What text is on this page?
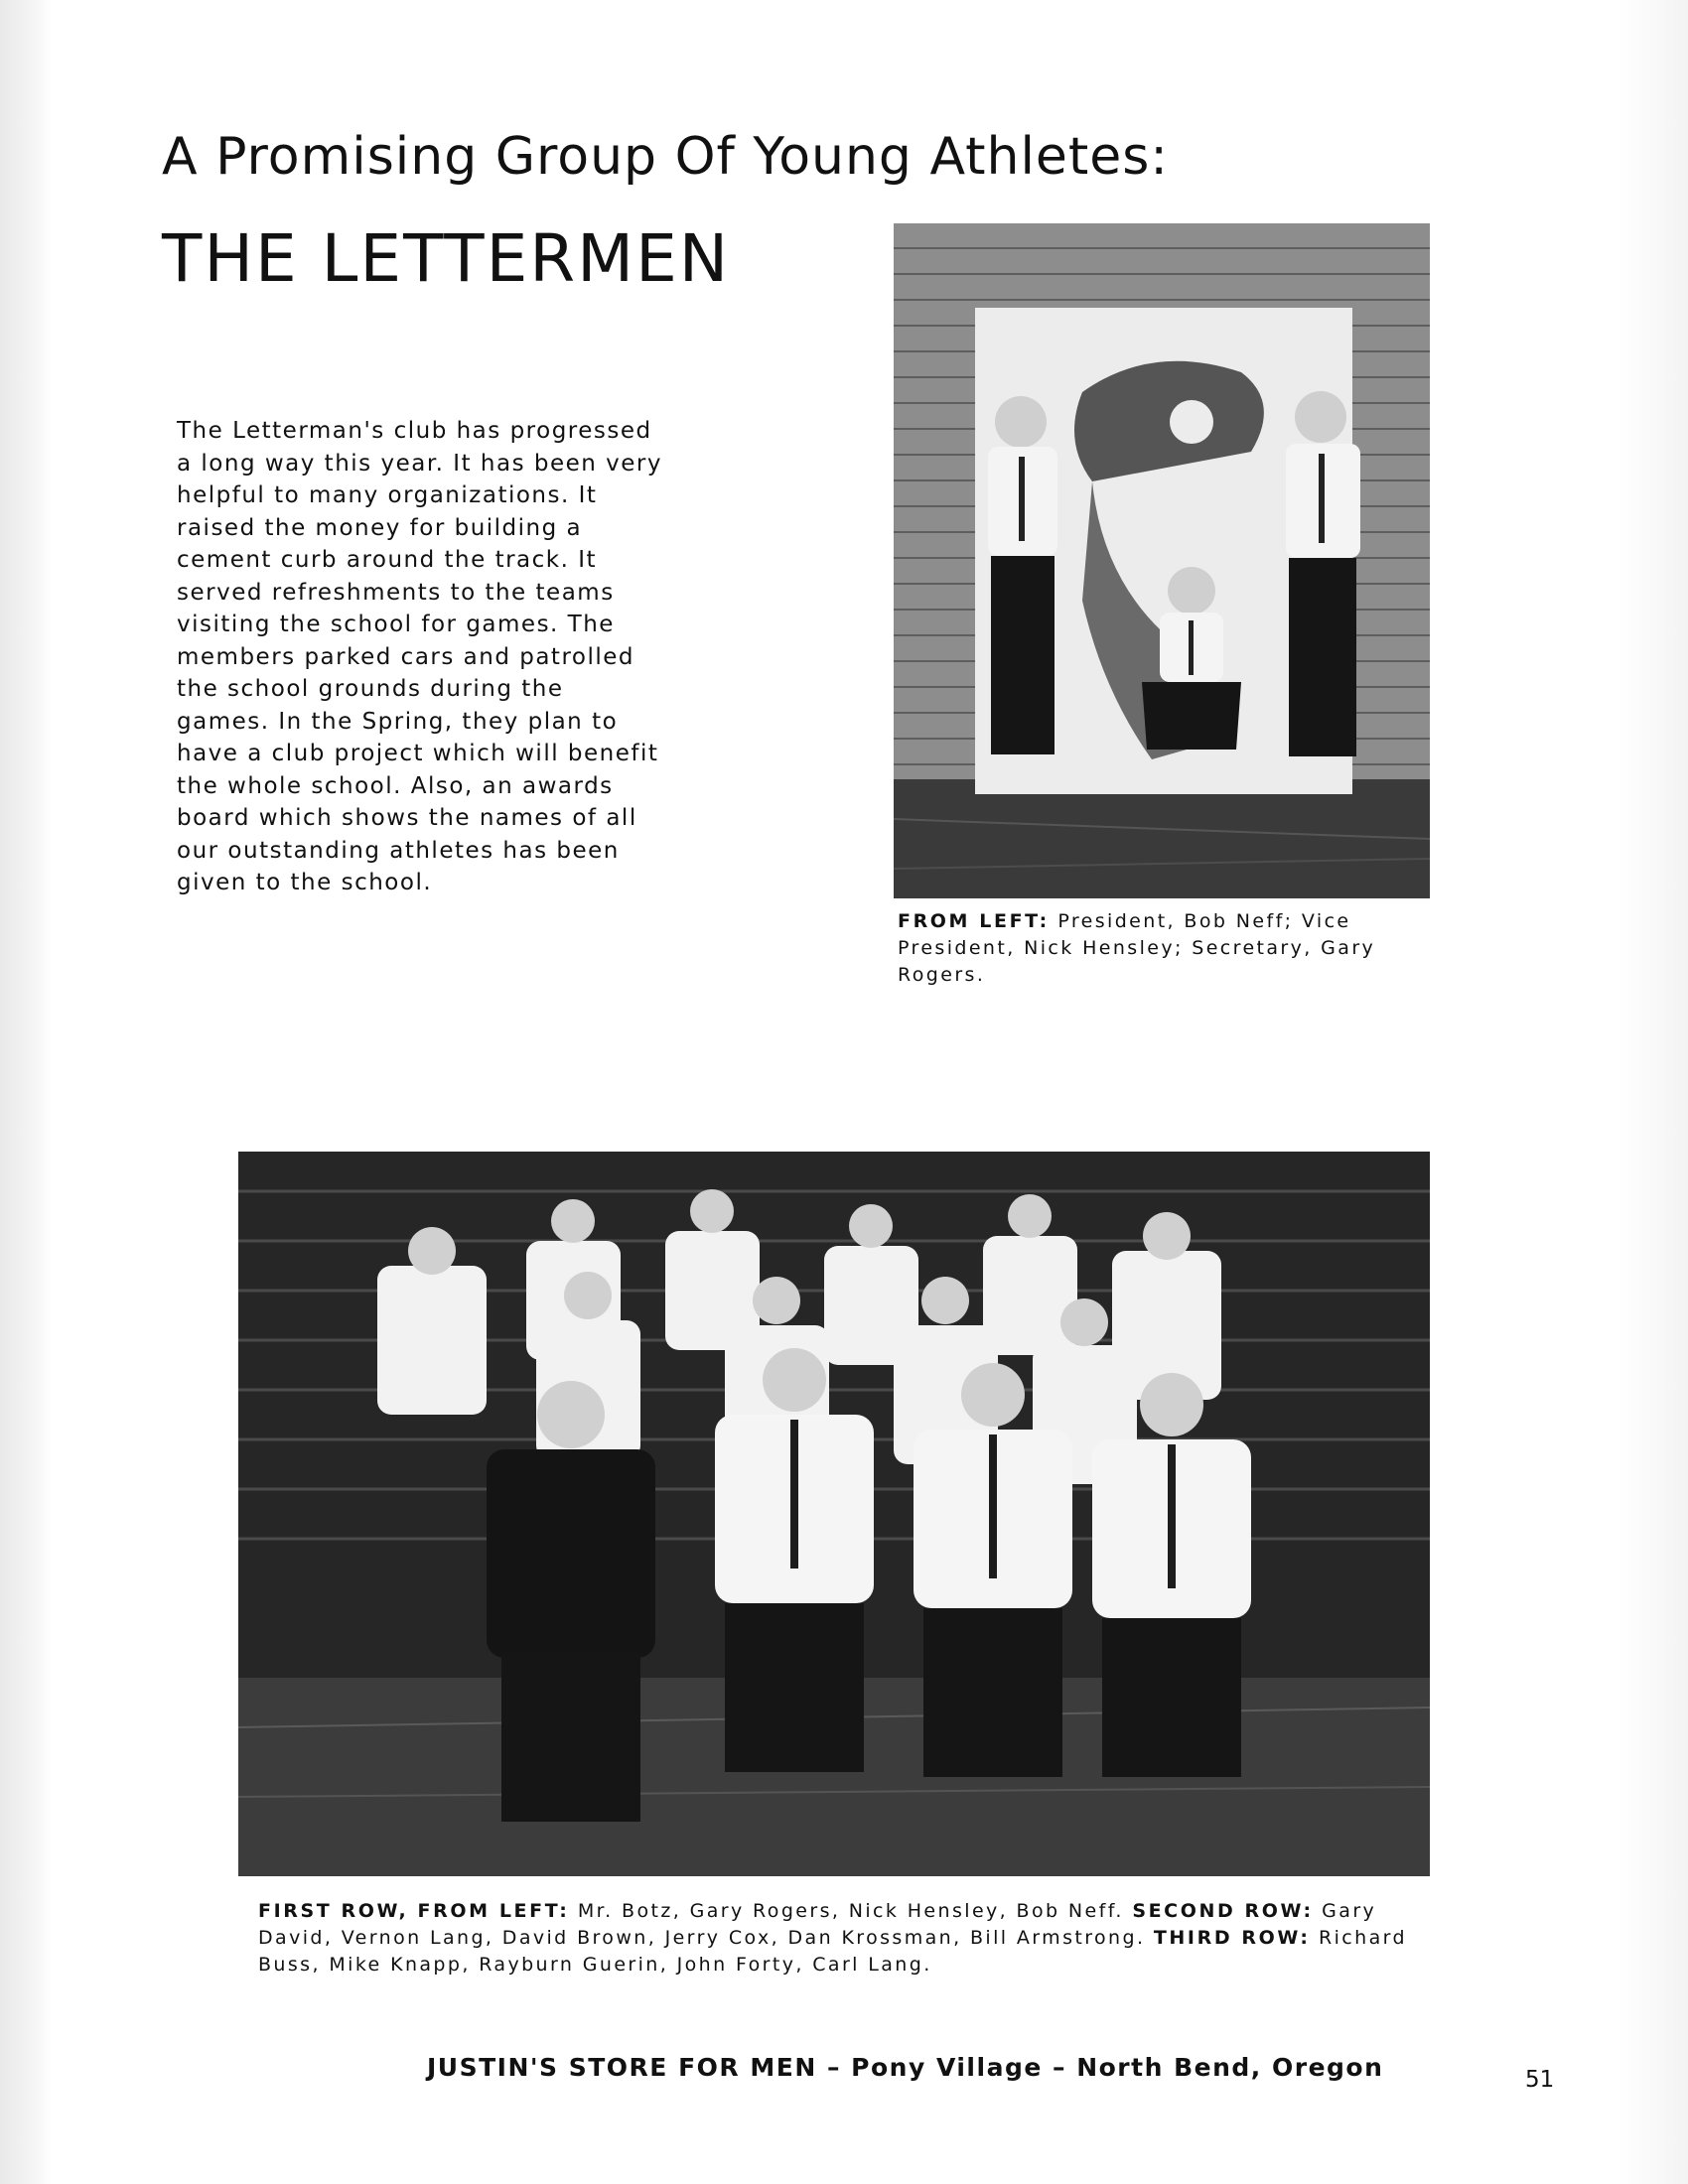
A Promising Group Of Young Athletes:
THE LETTERMEN

The Letterman's club has progressed a long way this year. It has been very helpful to many organizations. It raised the money for building a cement curb around the track. It served refreshments to the teams visiting the school for games. The members parked cars and patrolled the school grounds during the games. In the Spring, they plan to have a club project which will benefit the whole school. Also, an awards board which shows the names of all our outstanding athletes has been given to the school.

FROM LEFT: President, Bob Neff; Vice President, Nick Hensley; Secretary, Gary Rogers.

FIRST ROW, FROM LEFT: Mr. Botz, Gary Rogers, Nick Hensley, Bob Neff. SECOND ROW: Gary David, Vernon Lang, David Brown, Jerry Cox, Dan Krossman, Bill Armstrong. THIRD ROW: Richard Buss, Mike Knapp, Rayburn Guerin, John Forty, Carl Lang.

JUSTIN'S STORE FOR MEN – Pony Village – North Bend, Oregon	51
